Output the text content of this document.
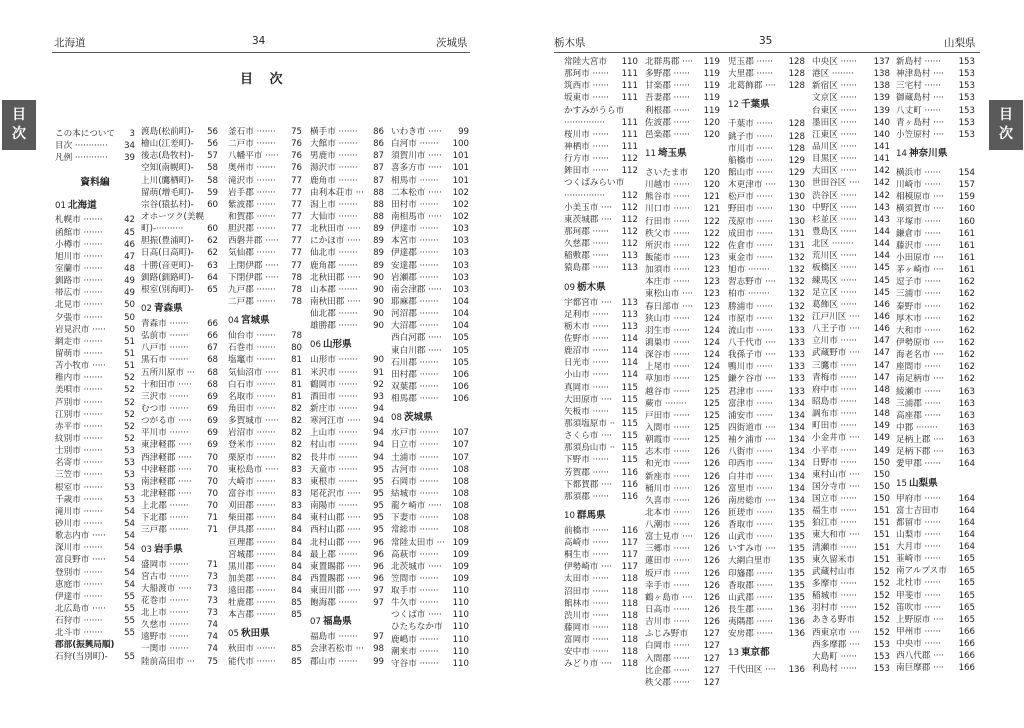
北海道	34	茨城県
目 次
目
次	この本について 3
目次 ············ 34
凡例 ············ 39
資料編
01 北海道
札幌市 ······· 42
函館市 ······· 45
小樽市 ······· 46
旭川市 ······· 47
室蘭市 ······· 48
釧路市 ······· 49
帯広市 ······· 49
北見市 ······· 50
夕張市 ······· 50
岩見沢市 ····· 50
網走市 ······· 51
留萌市 ······· 51
苫小牧市 ····· 51
稚内市 ······· 52
美唄市 ······· 52
芦別市 ······· 52
江別市 ······· 52
赤平市 ······· 52
紋別市 ······· 52
士別市 ······· 53
名寄市 ······· 53
三笠市 ······· 53
根室市 ······· 53
千歳市 ······· 53
滝川市 ······· 54
砂川市 ······· 54
歌志内市 ····· 54
深川市 ······· 54
富良野市 ····· 54
登別市 ······· 54
恵庭市 ······· 54
伊達市 ······· 55
北広島市 ····· 55
石狩市 ······· 55
北斗市 ······· 55
郡部(振興局順)
石狩(当別町)- 55
渡島(松前町)- 56
檜山(江差町)- 56
後志(島牧村)- 57
空知(南幌町)- 58
上川(鷹栖町)- 58
留萌(増毛町)- 59
宗谷(猿払村)- 60
オホーツク(美幌
町)-··········	60
胆振(豊浦町)- 62
日高(日高町)- 62
十勝(音更町)- 63
釧路(釧路町)- 64
根室(別海町)- 65
02 青森県
青森市 ······· 66
弘前市 ······· 66
八戸市 ······· 67
黒石市 ······· 68
五所川原市 ··· 68
十和田市 ····· 68
三沢市 ······· 69
むつ市 ······· 69
つがる市 ····· 69
平川市 ······· 69
東津軽郡 ····· 69
西津軽郡 ····· 70
中津軽郡 ····· 70
南津軽郡 ····· 70
北津軽郡 ····· 70
上北郡 ······· 70
下北郡 ······· 71
三戸郡 ······· 71
03 岩手県
盛岡市 ······· 71
宮古市 ······· 73
大船渡市 ····· 73
花巻市 ······· 73
北上市 ······· 73
久慈市 ······· 74
遠野市 ······· 74
一関市 ······· 74
陸前高田市 ··· 75
釜石市 ······· 75
二戸市 ······· 76
八幡平市 ····· 76
奥州市 ······· 76
滝沢市 ······· 77
岩手郡 ······· 77
紫波郡 ······· 77
和賀郡 ······· 77
胆沢郡 ······· 77
西磐井郡 ····· 77
気仙郡 ······· 77
上閉伊郡 ····· 77
下閉伊郡 ····· 78
九戸郡 ······· 78
二戸郡 ······· 78
04 宮城県
仙台市 ······· 78
石巻市 ······· 80
塩竈市 ······· 81
気仙沼市 ····· 81
白石市 ······· 81
名取市 ······· 81
角田市 ······· 82
多賀城市 ····· 82
岩沼市 ······· 82
登米市 ······· 82
栗原市 ······· 82
東松島市 ····· 83
大崎市 ······· 83
富谷市 ······· 83
刈田郡 ······· 83
柴田郡 ······· 84
伊具郡 ······· 84
亘理郡 ······· 84
宮城郡 ······· 84
黒川郡 ······· 84
加美郡 ······· 84
遠田郡 ······· 84
牡鹿郡 ······· 85
本吉郡 ······· 85
05 秋田県
秋田市 ······· 85
能代市 ······· 85
横手市 ······· 86
大館市 ······· 86
男鹿市 ······· 87
湯沢市 ······· 87
鹿角市 ······· 87
由利本荘市 ··· 88
潟上市 ······· 88
大仙市 ······· 88
北秋田市 ····· 89
にかほ市 ····· 89
仙北市 ······· 89
鹿角郡 ······· 89
北秋田郡 ····· 90
山本郡 ······· 90
南秋田郡 ····· 90
仙北郡 ······· 90
雄勝郡 ······· 90
06 山形県
山形市 ······· 90
米沢市 ······· 91
鶴岡市 ······· 92
酒田市 ······· 93
新庄市 ······· 94
寒河江市 ····· 94
上山市 ······· 94
村山市 ······· 94
長井市 ······· 94
天童市 ······· 95
東根市 ······· 95
尾花沢市 ····· 95
南陽市 ······· 95
東村山郡 ····· 95
西村山郡 ····· 95
北村山郡 ····· 96
最上郡 ······· 96
東置賜郡 ····· 96
西置賜郡 ····· 96
東田川郡 ····· 97
飽海郡 ······· 97
07 福島県
福島市 ······· 97
会津若松市 ··· 98
郡山市 ······· 99
いわき市 ····· 99
白河市 ······· 100
須賀川市 ····· 101
喜多方市 ····· 101
相馬市 ······· 101
二本松市 ····· 102
田村市 ······· 102
南相馬市 ····· 102
伊達市 ······· 103
本宮市 ······· 103
伊達郡 ······· 103
安達郡 ······· 103
岩瀬郡 ······· 103
南会津郡 ····· 103
耶麻郡 ······· 104
河沼郡 ······· 104
大沼郡 ······· 104
西白河郡 ····· 105
東白川郡 ····· 105
石川郡 ······· 105
田村郡 ······· 106
双葉郡 ······· 106
相馬郡 ······· 106
08 茨城県
水戸市 ······· 107
日立市 ······· 107
土浦市 ······· 107
古河市 ······· 108
石岡市 ······· 108
結城市 ······· 108
龍ケ崎市 ····· 108
下妻市 ······· 108
常総市 ······· 108
常陸太田市 ··· 109
高萩市 ······· 109
北茨城市 ····· 109
笠間市 ······· 109
取手市 ······· 110
牛久市 ······· 110
つくば市 ····· 110
ひたちなか市 110
鹿嶋市 ······· 110
潮来市 ······· 110
守谷市 ······· 110
栃木県	35	山梨県
目
次
常陸大宮市 110
那珂市 ······ 111
筑西市 ······ 111
坂東市 ······ 111
かすみがうら市
··············· 111
桜川市 ······ 111
神栖市 ······ 111
行方市 ······ 112
鉾田市 ······ 112
つくばみらい市
··············· 112
小美玉市 ···· 112
東茨城郡 ···· 112
那珂郡 ······ 112
久慈郡 ······ 112
稲敷郡 ······ 113
猿島郡 ······ 113
09 栃木県
宇都宮市 ···· 113
足利市 ······ 113
栃木市 ······ 113
佐野市 ······ 114
鹿沼市 ······ 114
日光市 ······ 114
小山市 ······ 114
真岡市 ······ 115
大田原市 ···· 115
矢板市 ······ 115
那須塩原市 ·· 115
さくら市 ···· 115
那須烏山市 ·· 115
下野市 ······ 115
芳賀郡 ······ 116
下都賀郡 ···· 116
那須郡 ······ 116
10 群馬県
前橋市 ······ 116
高崎市 ······ 117
桐生市 ······ 117
伊勢崎市 ···· 117
太田市 ······ 118
沼田市 ······ 118
館林市 ······ 118
渋川市 ······ 118
藤岡市 ······ 118
富岡市 ······ 118
安中市 ······ 118
みどり市 ···· 118
北群馬郡 ···· 119
多野郡 ······ 119
甘楽郡 ······ 119
吾妻郡 ······ 119
利根郡 ······ 119
佐波郡 ······ 120
邑楽郡 ······ 120
11 埼玉県
さいたま市 120
川越市 ······ 120
熊谷市 ······ 121
川口市 ······ 121
行田市 ······ 122
秩父市 ······ 122
所沢市 ······ 122
飯能市 ······ 123
加須市 ······ 123
本庄市 ······ 123
東松山市 ···· 123
春日部市 ···· 123
狭山市 ······ 124
羽生市 ······ 124
鴻巣市 ······ 124
深谷市 ······ 124
上尾市 ······ 124
草加市 ······ 125
越谷市 ······ 125
蕨市 ········ 125
戸田市 ······ 125
入間市 ······ 125
朝霞市 ······ 125
志木市 ······ 126
和光市 ······ 126
新座市 ······ 126
桶川市 ······ 126
久喜市 ······ 126
北本市 ······ 126
八潮市 ······ 126
富士見市 ···· 126
三郷市 ······ 126
蓮田市 ······ 126
坂戸市 ······ 126
幸手市 ······ 126
鶴ヶ島市 ···· 126
日高市 ······ 126
吉川市 ······ 126
ふじみ野市 127
白岡市 ······ 127
入間郡 ······ 127
比企郡 ······ 127
秩父郡 ······ 127
児玉郡 ······ 128
大里郡 ······ 128
北葛飾郡 ···· 128
12 千葉県
千葉市 ······ 128
銚子市 ······ 128
市川市 ······ 128
船橋市 ······ 129
館山市 ······ 129
木更津市 ···· 130
松戸市 ······ 130
野田市 ······ 130
茂原市 ······ 130
成田市 ······ 131
佐倉市 ······ 131
東金市 ······ 132
旭市 ········ 132
習志野市 ···· 132
柏市 ········ 132
勝浦市 ······ 132
市原市 ······ 132
流山市 ······ 133
八千代市 ···· 133
我孫子市 ···· 133
鴨川市 ······ 133
鎌ケ谷市 ···· 133
君津市 ······ 133
富津市 ······ 134
浦安市 ······ 134
四街道市 ···· 134
袖ケ浦市 ···· 134
八街市 ······ 134
印西市 ······ 134
白井市 ······ 134
富里市 ······ 134
南房総市 ···· 134
匝瑳市 ······ 135
香取市 ······ 135
山武市 ······ 135
いすみ市 ···· 135
大網白里市 135
印旛郡 ······ 135
香取郡 ······ 135
山武郡 ······ 135
長生郡 ······ 136
夷隅郡 ······ 136
安房郡 ······ 136
13 東京都
千代田区 ···· 136
中央区 ······ 137
港区 ········ 138
新宿区 ······ 138
文京区 ······ 139
台東区 ······ 139
墨田区 ······ 140
江東区 ······ 140
品川区 ······ 141
目黒区 ······ 141
大田区 ······ 142
世田谷区 ···· 142
渋谷区 ······ 142
中野区 ······ 143
杉並区 ······ 143
豊島区 ······ 144
北区 ········ 144
荒川区 ······ 144
板橋区 ······ 145
練馬区 ······ 145
足立区 ······ 145
葛飾区 ······ 146
江戸川区 ···· 146
八王子市 ···· 146
立川市 ······ 147
武蔵野市 ···· 147
三鷹市 ······ 147
青梅市 ······ 147
府中市 ······ 148
昭島市 ······ 148
調布市 ······ 148
町田市 ······ 149
小金井市 ···· 149
小平市 ······ 149
日野市 ······ 150
東村山市 ···· 150
国分寺市 ···· 150
国立市 ······ 150
福生市 ······ 151
狛江市 ······ 151
東大和市 ···· 151
清瀬市 ······ 151
東久留米市 151
武蔵村山市 152
多摩市 ······ 152
稲城市 ······ 152
羽村市 ······ 152
あきる野市 152
西東京市 ···· 152
西多摩郡 ···· 153
大島町 ······ 153
利島村 ······ 153
新島村 ······ 153
神津島村 ···· 153
三宅村 ······ 153
御蔵島村 ···· 153
八丈町 ······ 153
青ヶ島村 ···· 153
小笠原村 ···· 153
14 神奈川県
横浜市 ······ 154
川崎市 ······ 157
相模原市 ···· 159
横須賀市 ···· 160
平塚市 ······ 160
鎌倉市 ······ 161
藤沢市 ······ 161
小田原市 ···· 161
茅ヶ崎市 ···· 161
逗子市 ······ 162
三浦市 ······ 162
秦野市 ······ 162
厚木市 ······ 162
大和市 ······ 162
伊勢原市 ···· 162
海老名市 ···· 162
座間市 ······ 162
南足柄市 ···· 162
綾瀬市 ······ 163
三浦郡 ······ 163
高座郡 ······ 163
中郡 ········ 163
足柄上郡 ···· 163
足柄下郡 ···· 163
愛甲郡 ······ 164
15 山梨県
甲府市 ······ 164
富士吉田市 164
都留市 ······ 164
山梨市 ······ 164
大月市 ······ 164
韮崎市 ······ 165
南アルプス市 165
北杜市 ······ 165
甲斐市 ······ 165
笛吹市 ······ 165
上野原市 ···· 165
甲州市 ······ 166
中央市 ······ 166
西八代郡 ···· 166
南巨摩郡 ···· 166
